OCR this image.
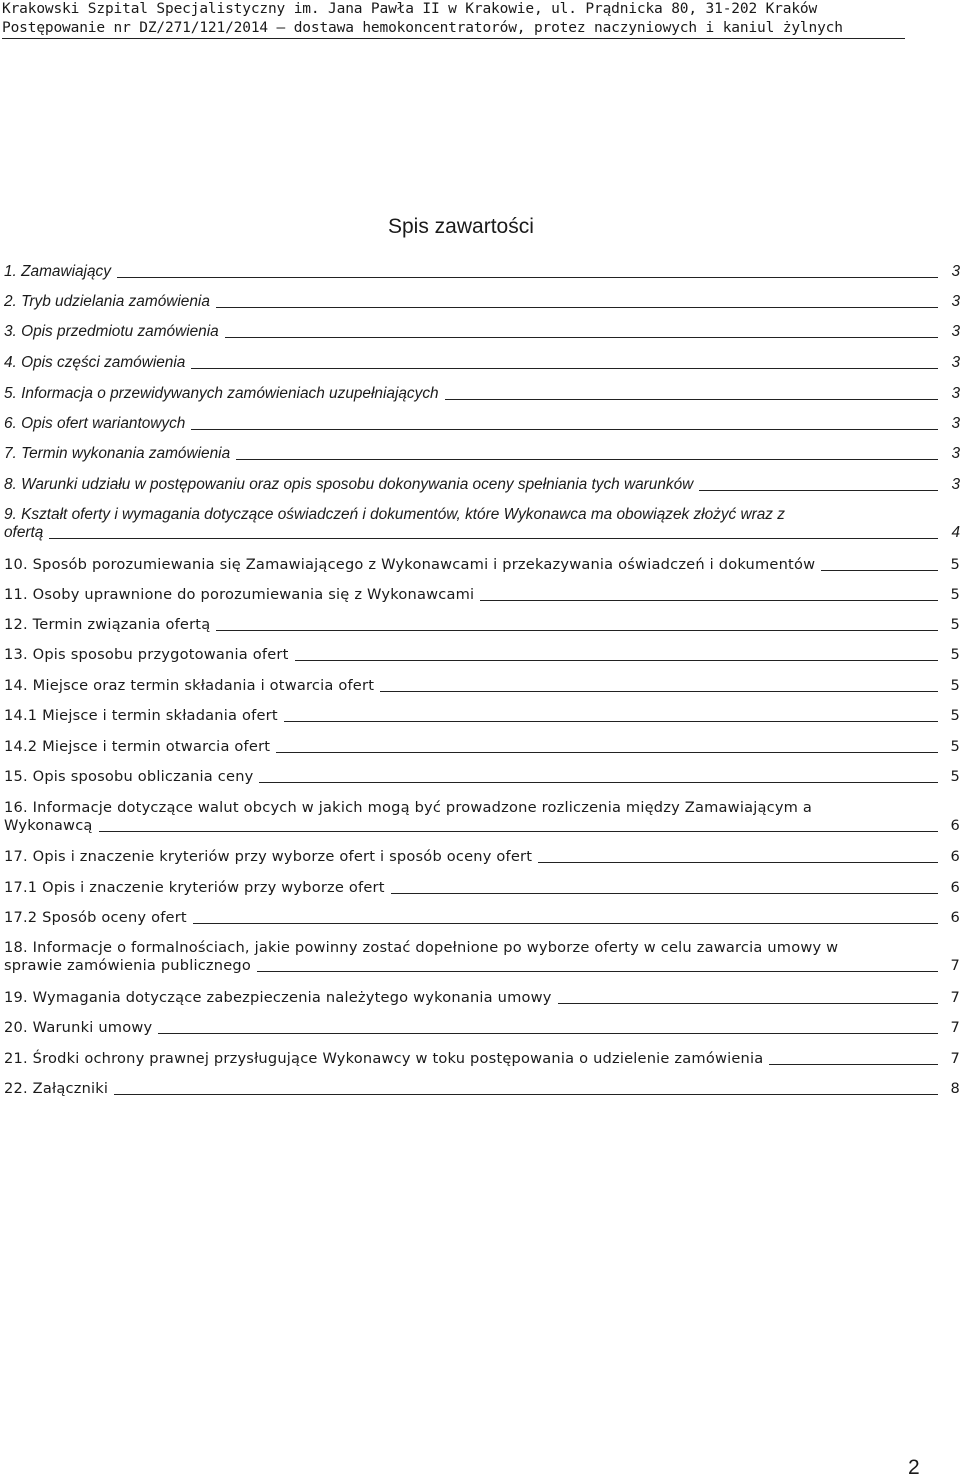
Krakowski Szpital Specjalistyczny im. Jana Pawła II w Krakowie, ul. Prądnicka 80, 31-202 Kraków
Postępowanie nr DZ/271/121/2014 – dostawa hemokoncentratorów, protez naczyniowych i kaniul żylnych
Spis zawartości
1. Zamawiający	3
2. Tryb udzielania zamówienia	3
3. Opis przedmiotu zamówienia	3
4. Opis części zamówienia	3
5. Informacja o przewidywanych zamówieniach uzupełniających	3
6. Opis ofert wariantowych	3
7. Termin wykonania zamówienia	3
8. Warunki udziału w postępowaniu oraz opis sposobu dokonywania oceny spełniania tych warunków	3
9. Kształt oferty i wymagania dotyczące oświadczeń i dokumentów, które Wykonawca ma obowiązek złożyć wraz z
ofertą	4
10. Sposób porozumiewania się Zamawiającego z Wykonawcami i przekazywania oświadczeń i dokumentów	5
11. Osoby uprawnione do porozumiewania się z Wykonawcami	5
12. Termin związania ofertą	5
13. Opis sposobu przygotowania ofert	5
14. Miejsce oraz termin składania i otwarcia ofert	5
14.1 Miejsce i termin składania ofert	5
14.2 Miejsce i termin otwarcia ofert	5
15. Opis sposobu obliczania ceny	5
16. Informacje dotyczące walut obcych w jakich mogą być prowadzone rozliczenia między Zamawiającym a
Wykonawcą	6
17. Opis i znaczenie kryteriów przy wyborze ofert i sposób oceny ofert	6
17.1 Opis i znaczenie kryteriów przy wyborze ofert	6
17.2 Sposób oceny ofert	6
18. Informacje o formalnościach, jakie powinny zostać dopełnione po wyborze oferty w celu zawarcia umowy w
sprawie zamówienia publicznego	7
19. Wymagania dotyczące zabezpieczenia należytego wykonania umowy	7
20. Warunki umowy	7
21. Środki ochrony prawnej przysługujące Wykonawcy w toku postępowania o udzielenie zamówienia	7
22. Załączniki	8
2
